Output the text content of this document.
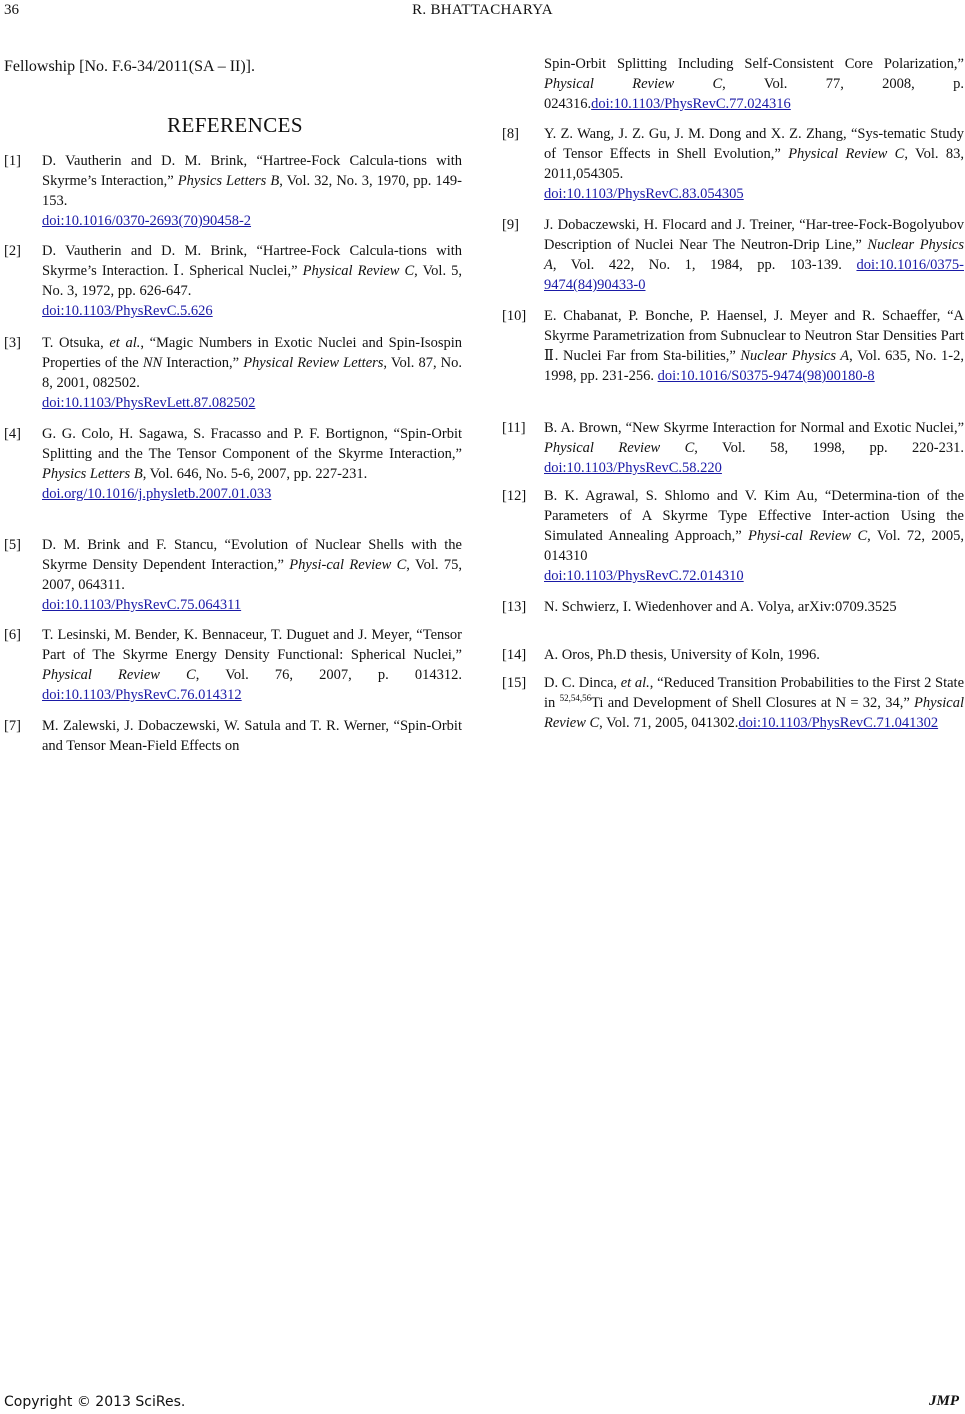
36	R. BHATTACHARYA
Fellowship [No. F.6-34/2011(SA – II)].
REFERENCES
[1] D. Vautherin and D. M. Brink, “Hartree-Fock Calcula-tions with Skyrme’s Interaction,” Physics Letters B, Vol. 32, No. 3, 1970, pp. 149-153.
doi:10.1016/0370-2693(70)90458-2
[2] D. Vautherin and D. M. Brink, “Hartree-Fock Calcula-tions with Skyrme’s Interaction. Ⅰ. Spherical Nuclei,” Physical Review C, Vol. 5, No. 3, 1972, pp. 626-647.
doi:10.1103/PhysRevC.5.626
[3] T. Otsuka, et al., “Magic Numbers in Exotic Nuclei and Spin-Isospin Properties of the NN Interaction,” Physical Review Letters, Vol. 87, No. 8, 2001, 082502.
doi:10.1103/PhysRevLett.87.082502
[4] G. G. Colo, H. Sagawa, S. Fracasso and P. F. Bortignon, “Spin-Orbit Splitting and the The Tensor Component of the Skyrme Interaction,” Physics Letters B, Vol. 646, No. 5-6, 2007, pp. 227-231.
doi.org/10.1016/j.physletb.2007.01.033
[5] D. M. Brink and F. Stancu, “Evolution of Nuclear Shells with the Skyrme Density Dependent Interaction,” Physi-cal Review C, Vol. 75, 2007, 064311.
doi:10.1103/PhysRevC.75.064311
[6] T. Lesinski, M. Bender, K. Bennaceur, T. Duguet and J. Meyer, “Tensor Part of The Skyrme Energy Density Functional: Spherical Nuclei,” Physical Review C, Vol. 76, 2007, p. 014312. doi:10.1103/PhysRevC.76.014312
[7] M. Zalewski, J. Dobaczewski, W. Satula and T. R. Werner, “Spin-Orbit and Tensor Mean-Field Effects on
Spin-Orbit Splitting Including Self-Consistent Core Polarization,” Physical Review C, Vol. 77, 2008, p. 024316.doi:10.1103/PhysRevC.77.024316
[8] Y. Z. Wang, J. Z. Gu, J. M. Dong and X. Z. Zhang, “Sys-tematic Study of Tensor Effects in Shell Evolution,” Physical Review C, Vol. 83, 2011,054305.
doi:10.1103/PhysRevC.83.054305
[9] J. Dobaczewski, H. Flocard and J. Treiner, “Har-tree-Fock-Bogolyubov Description of Nuclei Near The Neutron-Drip Line,” Nuclear Physics A, Vol. 422, No. 1, 1984, pp. 103-139. doi:10.1016/0375-9474(84)90433-0
[10] E. Chabanat, P. Bonche, P. Haensel, J. Meyer and R. Schaeffer, “A Skyrme Parametrization from Subnuclear to Neutron Star Densities Part Ⅱ. Nuclei Far from Sta-bilities,” Nuclear Physics A, Vol. 635, No. 1-2, 1998, pp. 231-256. doi:10.1016/S0375-9474(98)00180-8
[11] B. A. Brown, “New Skyrme Interaction for Normal and Exotic Nuclei,” Physical Review C, Vol. 58, 1998, pp. 220-231. doi:10.1103/PhysRevC.58.220
[12] B. K. Agrawal, S. Shlomo and V. Kim Au, “Determina-tion of the Parameters of A Skyrme Type Effective Inter-action Using the Simulated Annealing Approach,” Physi-cal Review C, Vol. 72, 2005, 014310
doi:10.1103/PhysRevC.72.014310
[13] N. Schwierz, I. Wiedenhover and A. Volya, arXiv:0709.3525
[14] A. Oros, Ph.D thesis, University of Koln, 1996.
[15] D. C. Dinca, et al., “Reduced Transition Probabilities to the First 2 State in $^{52,54,56}$Ti and Development of Shell Closures at N = 32, 34,” Physical Review C, Vol. 71, 2005, 041302.doi:10.1103/PhysRevC.71.041302
Copyright © 2013 SciRes.	JMP
